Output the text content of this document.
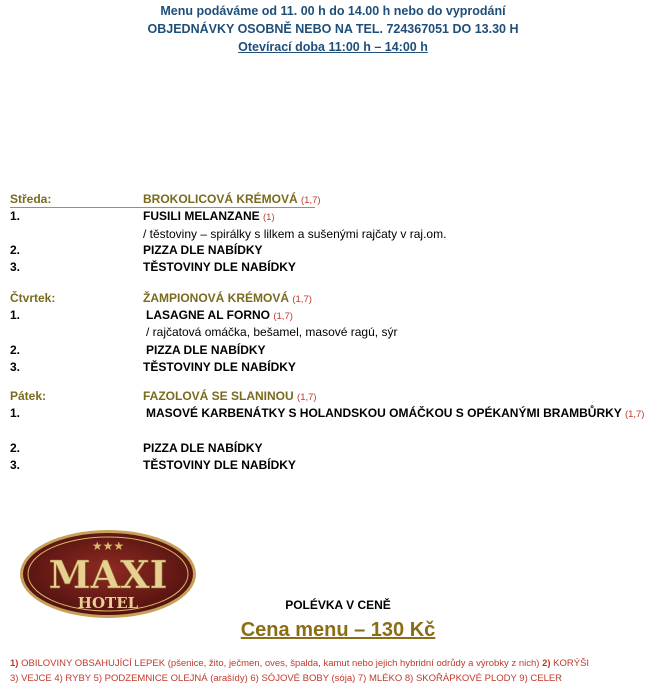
Menu podáváme od 11. 00 h do 14.00 h nebo do vyprodání
OBJEDNÁVKY OSOBNĚ NEBO NA TEL. 724367051 DO 13.30 H
Otevírací doba 11:00 h – 14:00 h
Středa:	BROKOLICOVÁ KRÉMOVÁ (1,7)
1.	FUSILI MELANZANE (1)
/ těstoviny – spirálky s lilkem a sušenými rajčaty v raj.om.
2.	PIZZA DLE NABÍDKY
3.	TĚSTOVINY DLE NABÍDKY
Čtvrtek:	ŽAMPIONOVÁ KRÉMOVÁ (1,7)
1.	LASAGNE AL FORNO (1,7)
/ rajčatová omáčka, bešamel, masové ragú, sýr
2.	PIZZA DLE NABÍDKY
3.	TĚSTOVINY DLE NABÍDKY
Pátek:	FAZOLOVÁ SE SLANINOU (1,7)
1.	MASOVÉ KARBENÁTKY S HOLANDSKOU OMÁČKOU S OPÉKANÝMI BRAMBŮRKY (1,7)
2.	PIZZA DLE NABÍDKY
3.	TĚSTOVINY DLE NABÍDKY
★★★
MAXI
HOTEL	POLÉVKA V CENĚ
Cena menu – 130 Kč
1) OBILOVINY OBSAHUJÍCÍ LEPEK (pšenice, žito, ječmen, oves, špalda, kamut nebo jejich hybridní odrůdy a výrobky z nich) 2) KORÝŠI
3) VEJCE 4) RYBY 5) PODZEMNICE OLEJNÁ (arašídy) 6) SÓJOVÉ BOBY (sója) 7) MLÉKO 8) SKOŘÁPKOVÉ PLODY 9) CELER
